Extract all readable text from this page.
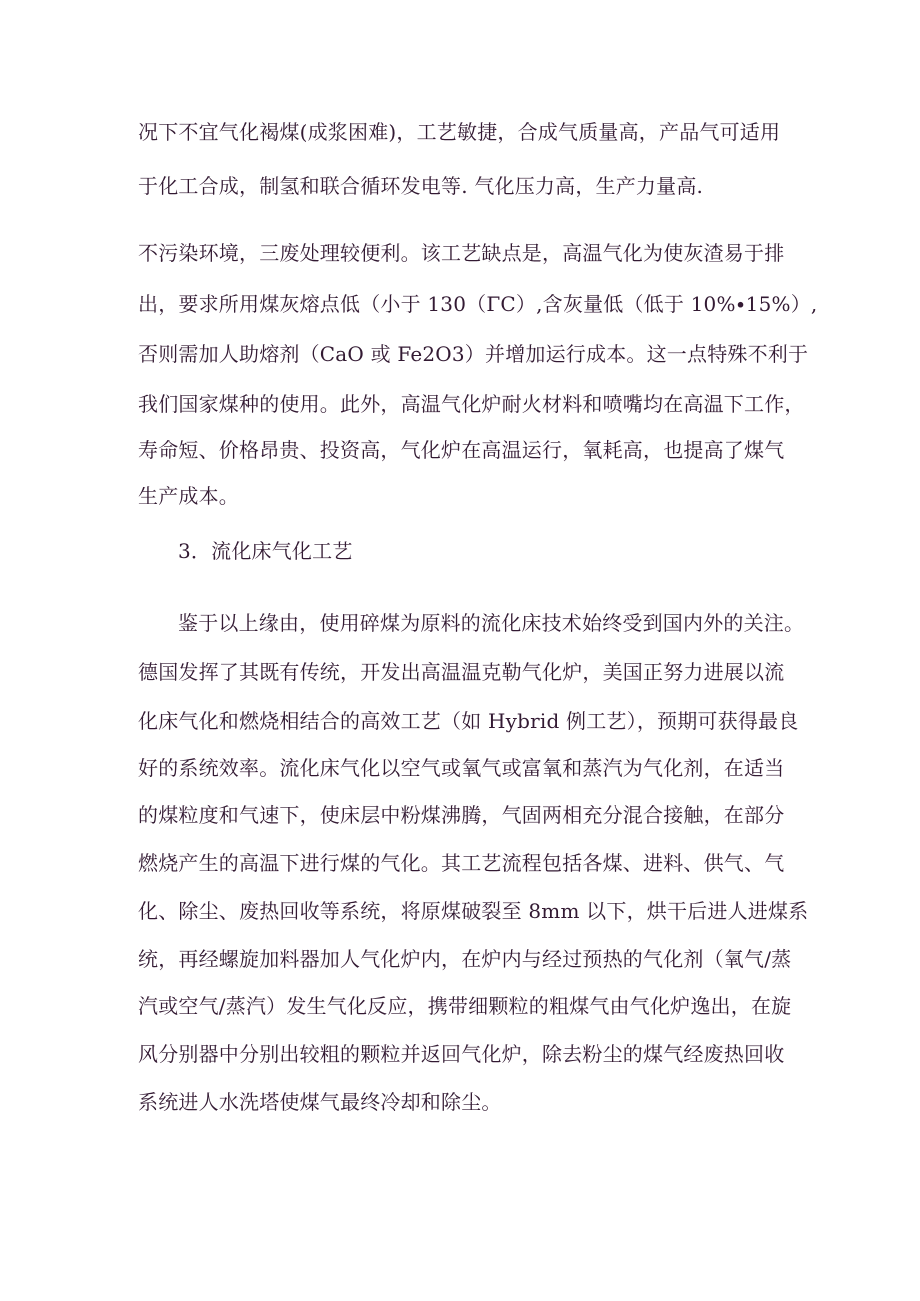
况下不宜气化褐煤(成浆困难)，工艺敏捷，合成气质量高，产品气可适用
于化工合成，制氢和联合循环发电等. 气化压力高，生产力量高.
不污染环境，三废处理较便利。该工艺缺点是，高温气化为使灰渣易于排
出，要求所用煤灰熔点低（小于 130（ΓC）,含灰量低（低于 10%∙15%）,
否则需加人助熔剂（CaO 或 Fe2O3）并增加运行成本。这一点特殊不利于
我们国家煤种的使用。此外，高温气化炉耐火材料和喷嘴均在高温下工作，
寿命短、价格昂贵、投资高，气化炉在高温运行，氧耗高，也提高了煤气
生产成本。
3．流化床气化工艺
鉴于以上缘由，使用碎煤为原料的流化床技术始终受到国内外的关注。
德国发挥了其既有传统，开发出高温温克勒气化炉，美国正努力进展以流
化床气化和燃烧相结合的高效工艺（如 Hybrid 例工艺），预期可获得最良
好的系统效率。流化床气化以空气或氧气或富氧和蒸汽为气化剂，在适当
的煤粒度和气速下，使床层中粉煤沸腾，气固两相充分混合接触，在部分
燃烧产生的高温下进行煤的气化。其工艺流程包括各煤、进料、供气、气
化、除尘、废热回收等系统，将原煤破裂至 8mm 以下，烘干后进人进煤系
统，再经螺旋加料器加人气化炉内，在炉内与经过预热的气化剂（氧气/蒸
汽或空气/蒸汽）发生气化反应，携带细颗粒的粗煤气由气化炉逸出，在旋
风分别器中分别出较粗的颗粒并返回气化炉，除去粉尘的煤气经废热回收
系统进人水洗塔使煤气最终冷却和除尘。
